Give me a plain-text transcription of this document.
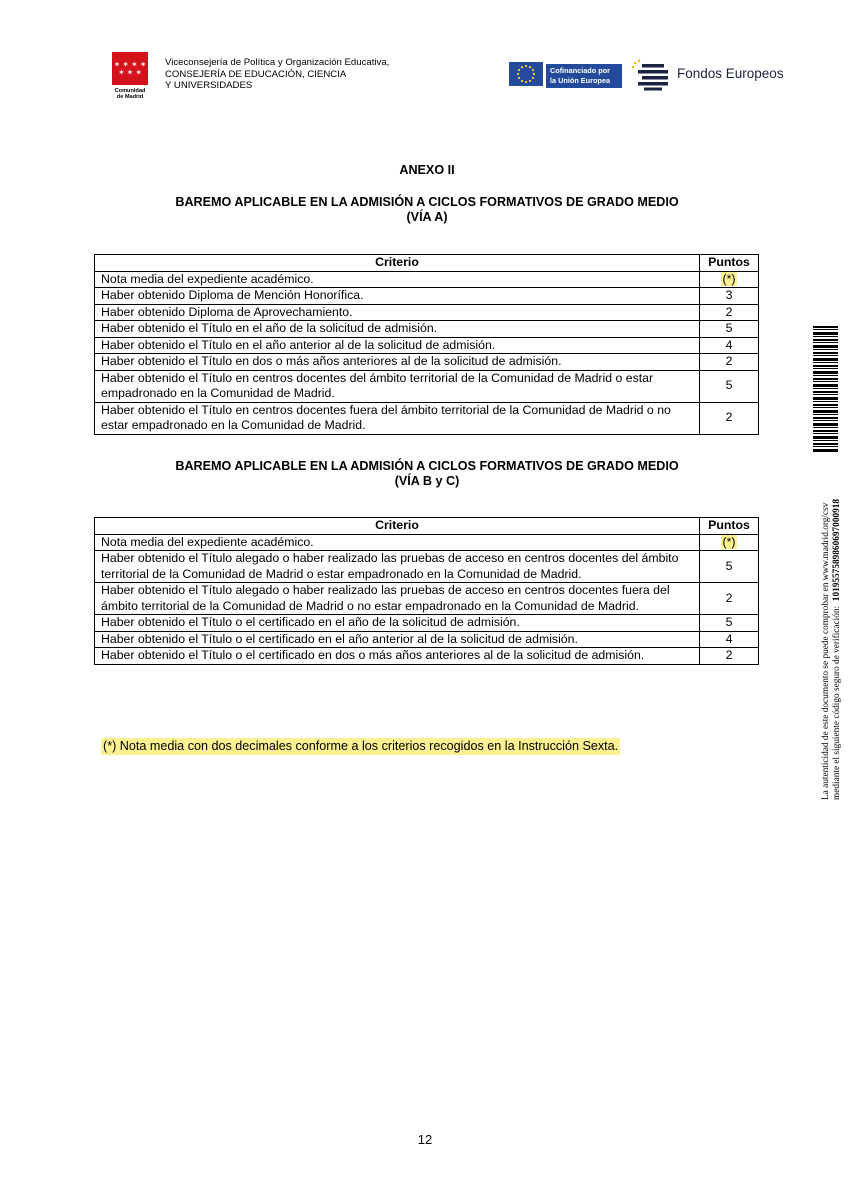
✶ ✶ ✶ ✶
✶ ✶ ✶
Comunidad
de Madrid
Viceconsejería de Política y Organización Educativa,
CONSEJERÍA DE EDUCACIÓN, CIENCIA
Y UNIVERSIDADES
Cofinanciado por
la Unión Europea	Fondos Europeos
ANEXO II
BAREMO APLICABLE EN LA ADMISIÓN A CICLOS FORMATIVOS DE GRADO MEDIO
(VÍA A)
Criterio	Puntos
Nota media del expediente académico.	(*)
Haber obtenido Diploma de Mención Honorífica.	3
Haber obtenido Diploma de Aprovechamiento.	2
Haber obtenido el Título en el año de la solicitud de admisión.	5
Haber obtenido el Título en el año anterior al de la solicitud de admisión.	4
Haber obtenido el Título en dos o más años anteriores al de la solicitud de admisión.	2
Haber obtenido el Título en centros docentes del ámbito territorial de la Comunidad de Madrid o estar empadronado en la Comunidad de Madrid.	5
Haber obtenido el Título en centros docentes fuera del ámbito territorial de la Comunidad de Madrid o no estar empadronado en la Comunidad de Madrid.	2
BAREMO APLICABLE EN LA ADMISIÓN A CICLOS FORMATIVOS DE GRADO MEDIO
(VÍA B y C)
Criterio	Puntos
Nota media del expediente académico.	(*)
Haber obtenido el Título alegado o haber realizado las pruebas de acceso en centros docentes del ámbito territorial de la Comunidad de Madrid o estar empadronado en la Comunidad de Madrid.	5
Haber obtenido el Título alegado o haber realizado las pruebas de acceso en centros docentes fuera del ámbito territorial de la Comunidad de Madrid o no estar empadronado en la Comunidad de Madrid.	2
Haber obtenido el Título o el certificado en el año de la solicitud de admisión.	5
Haber obtenido el Título o el certificado en el año anterior al de la solicitud de admisión.	4
Haber obtenido el Título o el certificado en dos o más años anteriores al de la solicitud de admisión.	2
(*) Nota media con dos decimales conforme a los criterios recogidos en la Instrucción Sexta.	La autenticidad de este documento se puede comprobar en www.madrid.org/csv mediante el siguiente código seguro de verificación:  1019557589860697000918
12
